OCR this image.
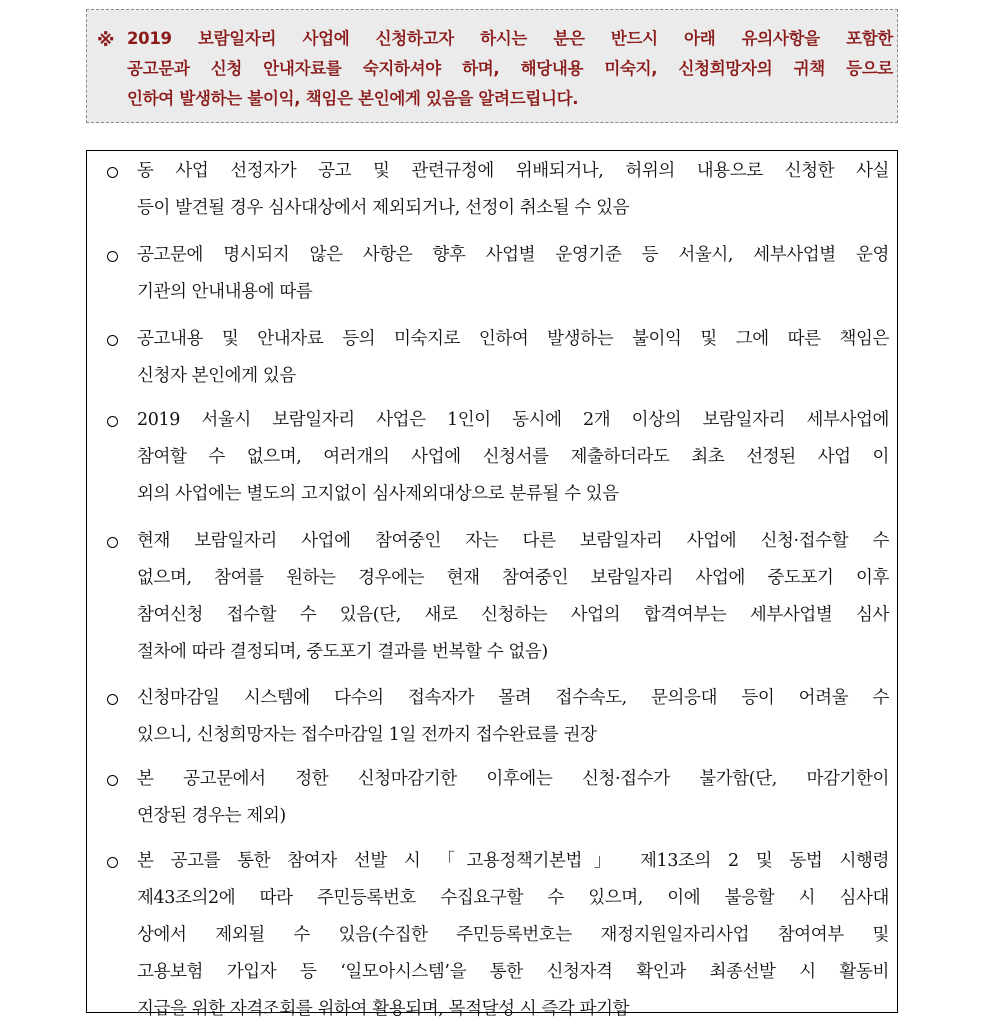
※ 2019 보람일자리 사업에 신청하고자 하시는 분은 반드시 아래 유의사항을 포함한
공고문과 신청 안내자료를 숙지하셔야 하며, 해당내용 미숙지, 신청희망자의 귀책 등으로
인하여 발생하는 불이익, 책임은 본인에게 있음을 알려드립니다.
동 사업 선정자가 공고 및 관련규정에 위배되거나, 허위의 내용으로 신청한 사실
등이 발견될 경우 심사대상에서 제외되거나, 선정이 취소될 수 있음
공고문에 명시되지 않은 사항은 향후 사업별 운영기준 등 서울시, 세부사업별 운영
기관의 안내내용에 따름
공고내용 및 안내자료 등의 미숙지로 인하여 발생하는 불이익 및 그에 따른 책임은
신청자 본인에게 있음
2019 서울시 보람일자리 사업은 1인이 동시에 2개 이상의 보람일자리 세부사업에
참여할 수 없으며, 여러개의 사업에 신청서를 제출하더라도 최초 선정된 사업 이
외의 사업에는 별도의 고지없이 심사제외대상으로 분류될 수 있음
현재 보람일자리 사업에 참여중인 자는 다른 보람일자리 사업에 신청·접수할 수
없으며, 참여를 원하는 경우에는 현재 참여중인 보람일자리 사업에 중도포기 이후
참여신청 접수할 수 있음(단, 새로 신청하는 사업의 합격여부는 세부사업별 심사
절차에 따라 결정되며, 중도포기 결과를 번복할 수 없음)
신청마감일 시스템에 다수의 접속자가 몰려 접수속도, 문의응대 등이 어려울 수
있으니, 신청희망자는 접수마감일 1일 전까지 접수완료를 권장
본 공고문에서 정한 신청마감기한 이후에는 신청·접수가 불가함(단, 마감기한이
연장된 경우는 제외)
본 공고를 통한 참여자 선발 시 「고용정책기본법」 제13조의 2 및 동법 시행령
제43조의2에 따라 주민등록번호 수집요구할 수 있으며, 이에 불응할 시 심사대
상에서 제외될 수 있음(수집한 주민등록번호는 재정지원일자리사업 참여여부 및
고용보험 가입자 등 ‘일모아시스템’을 통한 신청자격 확인과 최종선발 시 활동비
지급을 위한 자격조회를 위하여 활용되며, 목적달성 시 즉각 파기함
